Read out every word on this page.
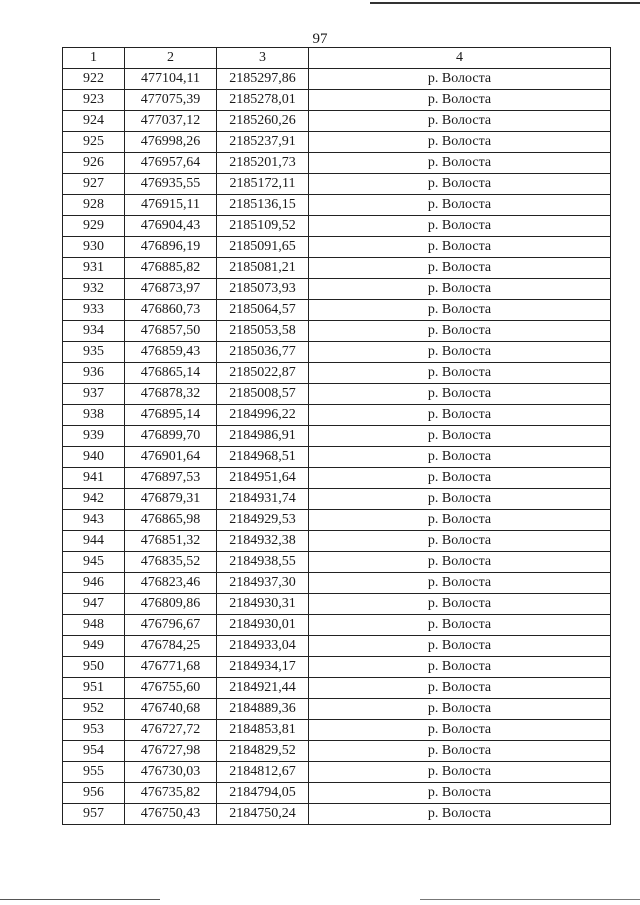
97
1	2	3	4
922	477104,11	2185297,86	р. Волоста
923	477075,39	2185278,01	р. Волоста
924	477037,12	2185260,26	р. Волоста
925	476998,26	2185237,91	р. Волоста
926	476957,64	2185201,73	р. Волоста
927	476935,55	2185172,11	р. Волоста
928	476915,11	2185136,15	р. Волоста
929	476904,43	2185109,52	р. Волоста
930	476896,19	2185091,65	р. Волоста
931	476885,82	2185081,21	р. Волоста
932	476873,97	2185073,93	р. Волоста
933	476860,73	2185064,57	р. Волоста
934	476857,50	2185053,58	р. Волоста
935	476859,43	2185036,77	р. Волоста
936	476865,14	2185022,87	р. Волоста
937	476878,32	2185008,57	р. Волоста
938	476895,14	2184996,22	р. Волоста
939	476899,70	2184986,91	р. Волоста
940	476901,64	2184968,51	р. Волоста
941	476897,53	2184951,64	р. Волоста
942	476879,31	2184931,74	р. Волоста
943	476865,98	2184929,53	р. Волоста
944	476851,32	2184932,38	р. Волоста
945	476835,52	2184938,55	р. Волоста
946	476823,46	2184937,30	р. Волоста
947	476809,86	2184930,31	р. Волоста
948	476796,67	2184930,01	р. Волоста
949	476784,25	2184933,04	р. Волоста
950	476771,68	2184934,17	р. Волоста
951	476755,60	2184921,44	р. Волоста
952	476740,68	2184889,36	р. Волоста
953	476727,72	2184853,81	р. Волоста
954	476727,98	2184829,52	р. Волоста
955	476730,03	2184812,67	р. Волоста
956	476735,82	2184794,05	р. Волоста
957	476750,43	2184750,24	р. Волоста
